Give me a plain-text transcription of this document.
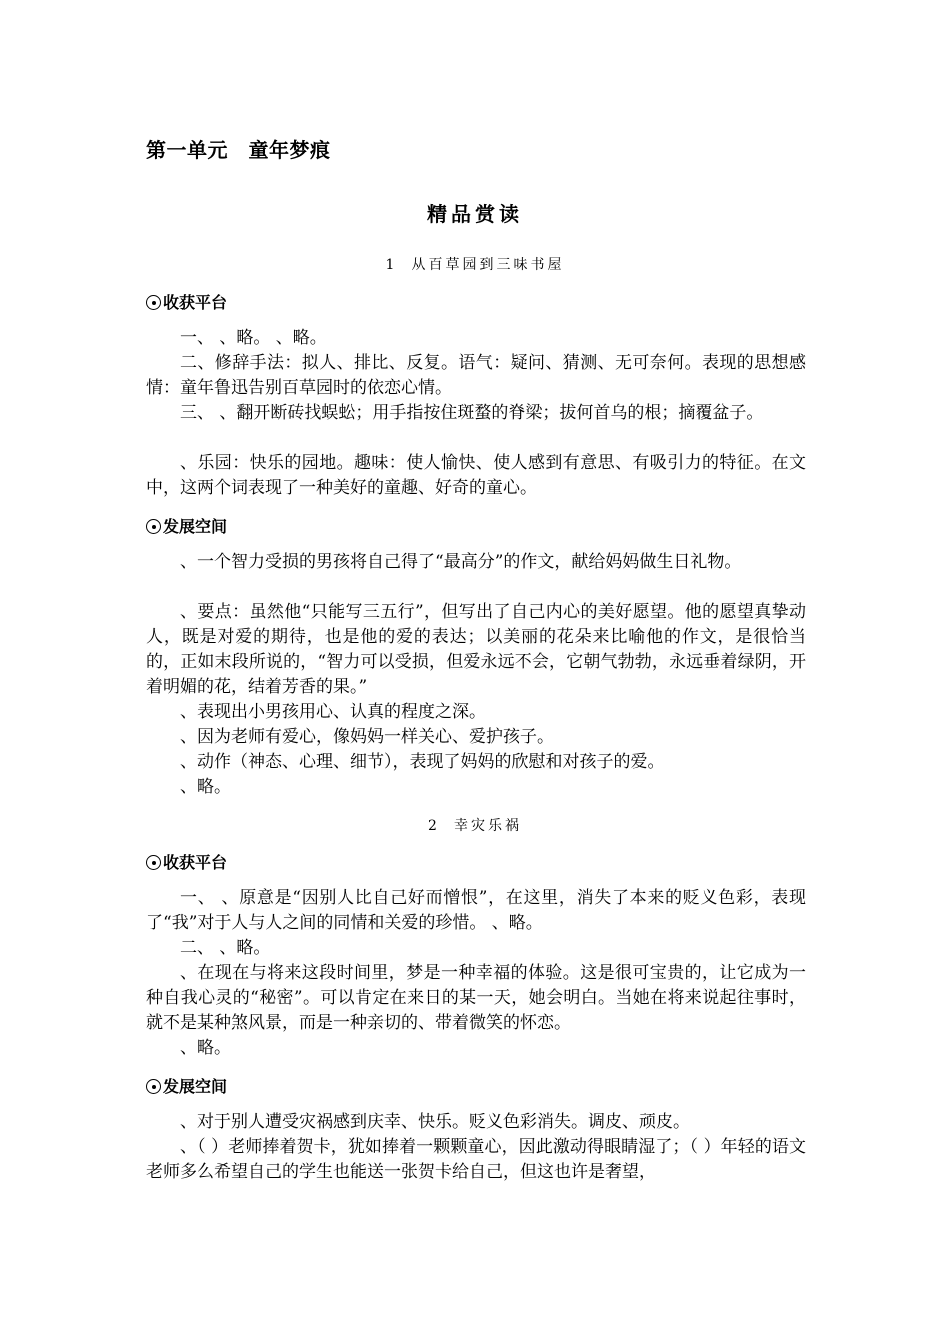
第一单元　童年梦痕
精品赏读
1 从百草园到三味书屋
收获平台
一、 、略。 、略。
二、修辞手法：拟人、排比、反复。语气：疑问、猜测、无可奈何。表现的思想感情：童年鲁迅告别百草园时的依恋心情。
三、 、翻开断砖找蜈蚣；用手指按住斑蝥的脊梁；拔何首乌的根；摘覆盆子。
、乐园：快乐的园地。趣味：使人愉快、使人感到有意思、有吸引力的特征。在文中，这两个词表现了一种美好的童趣、好奇的童心。
发展空间
、一个智力受损的男孩将自己得了“最高分”的作文，献给妈妈做生日礼物。
、要点：虽然他“只能写三五行”，但写出了自己内心的美好愿望。他的愿望真挚动人，既是对爱的期待，也是他的爱的表达；以美丽的花朵来比喻他的作文，是很恰当的，正如末段所说的，“智力可以受损，但爱永远不会，它朝气勃勃，永远垂着绿阴，开着明媚的花，结着芳香的果。”
、表现出小男孩用心、认真的程度之深。
、因为老师有爱心，像妈妈一样关心、爱护孩子。
、动作（神态、心理、细节），表现了妈妈的欣慰和对孩子的爱。
、略。
2 幸灾乐祸
收获平台
一、 、原意是“因别人比自己好而憎恨”，在这里，消失了本来的贬义色彩，表现了“我”对于人与人之间的同情和关爱的珍惜。 、略。
二、 、略。
、在现在与将来这段时间里，梦是一种幸福的体验。这是很可宝贵的，让它成为一种自我心灵的“秘密”。可以肯定在来日的某一天，她会明白。当她在将来说起往事时，就不是某种煞风景，而是一种亲切的、带着微笑的怀恋。
、略。
发展空间
、对于别人遭受灾祸感到庆幸、快乐。贬义色彩消失。调皮、顽皮。
、（ ）老师捧着贺卡，犹如捧着一颗颗童心，因此激动得眼睛湿了；（ ）年轻的语文老师多么希望自己的学生也能送一张贺卡给自己，但这也许是奢望，
